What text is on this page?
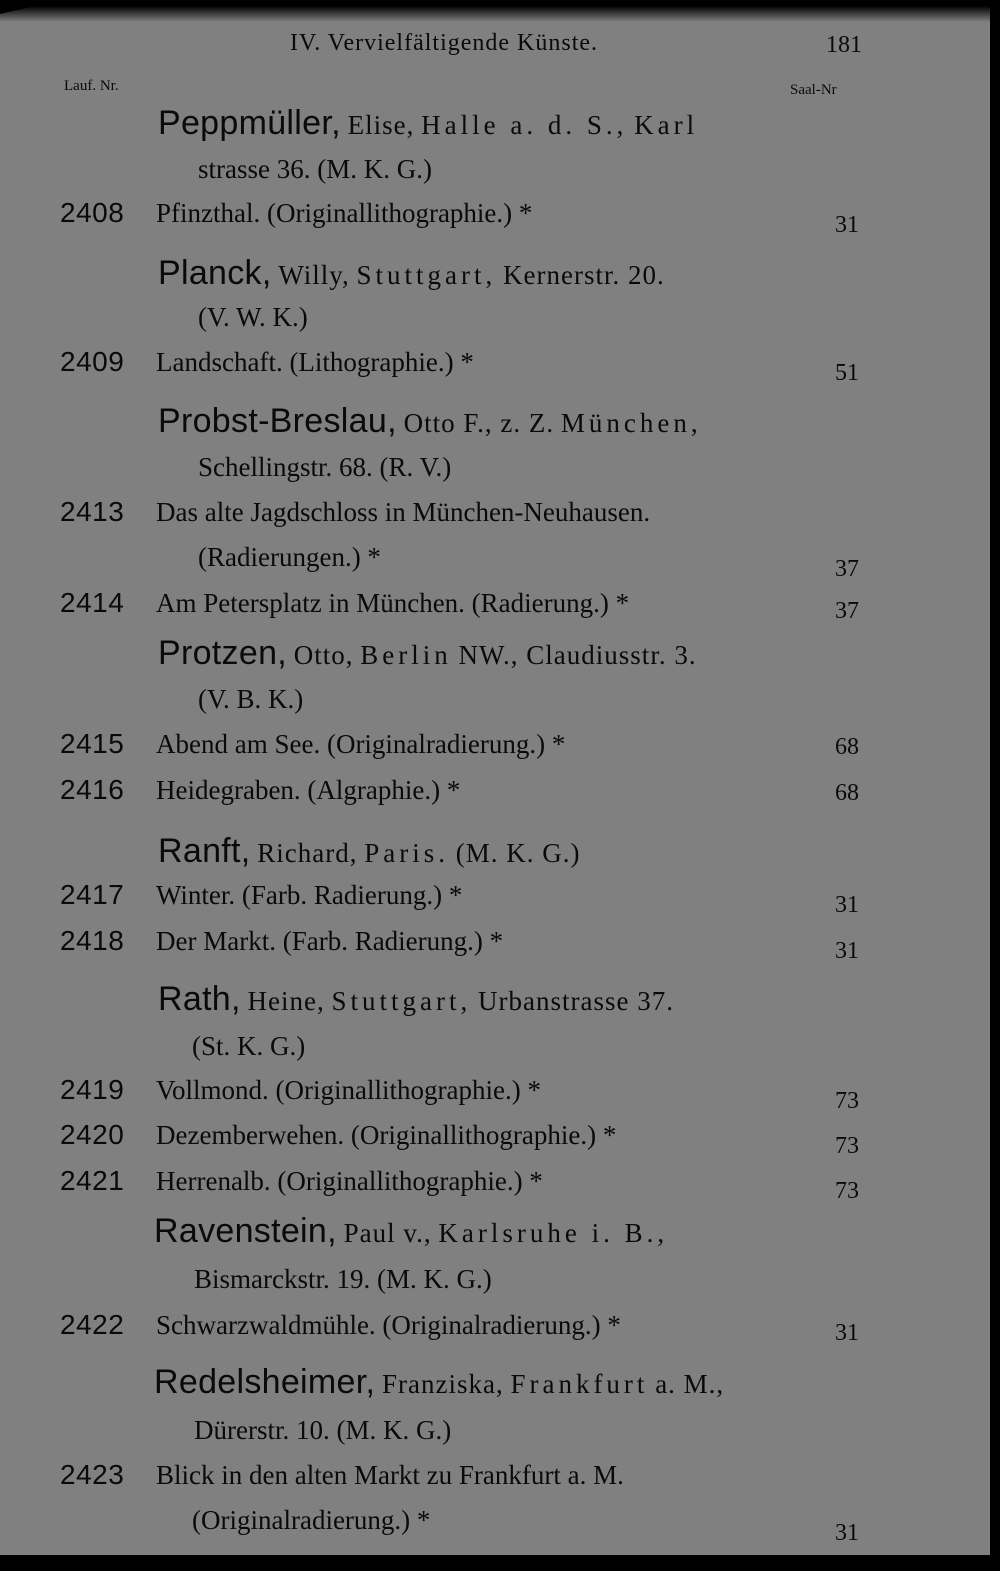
IV. Vervielfältigende Künste.	181
Lauf. Nr.	Saal-Nr
Peppmüller, Elise, Halle a. d. S., Karl
strasse 36. (M. K. G.)
2408 Pfinzthal. (Originallithographie.) *	31
Planck, Willy, Stuttgart, Kernerstr. 20.
(V. W. K.)
2409 Landschaft. (Lithographie.) *	51
Probst-Breslau, Otto F., z. Z. München,
Schellingstr. 68. (R. V.)
2413 Das alte Jagdschloss in München-Neuhausen.
(Radierungen.) *	37
2414 Am Petersplatz in München. (Radierung.) *	37
Protzen, Otto, Berlin NW., Claudiusstr. 3.
(V. B. K.)
2415 Abend am See. (Originalradierung.) *	68
2416 Heidegraben. (Algraphie.) *	68
Ranft, Richard, Paris. (M. K. G.)
2417 Winter. (Farb. Radierung.) *	31
2418 Der Markt. (Farb. Radierung.) *	31
Rath, Heine, Stuttgart, Urbanstrasse 37.
(St. K. G.)
2419 Vollmond. (Originallithographie.) *	73
2420 Dezemberwehen. (Originallithographie.) *	73
2421 Herrenalb. (Originallithographie.) *	73
Ravenstein, Paul v., Karlsruhe i. B.,
Bismarckstr. 19. (M. K. G.)
2422 Schwarzwaldmühle. (Originalradierung.) *	31
Redelsheimer, Franziska, Frankfurt a. M.,
Dürerstr. 10. (M. K. G.)
2423 Blick in den alten Markt zu Frankfurt a. M.
(Originalradierung.) *	31
